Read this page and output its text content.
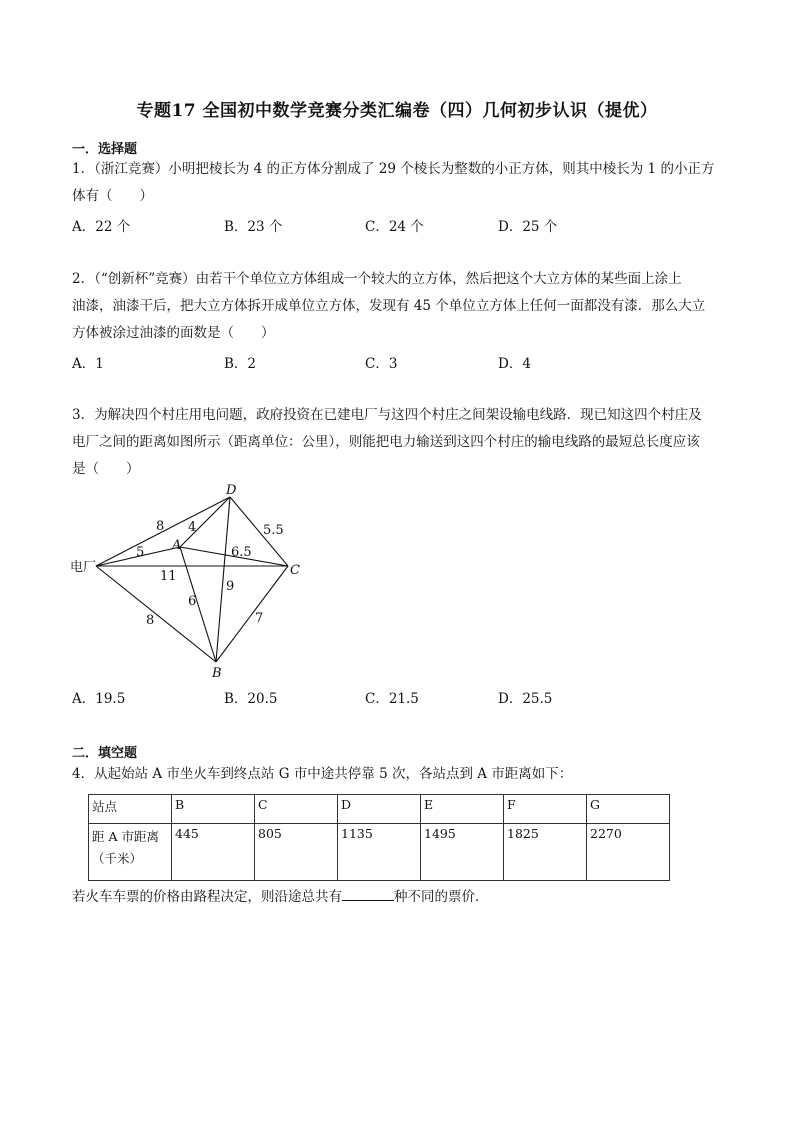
专题17 全国初中数学竞赛分类汇编卷（四）几何初步认识（提优）
一．选择题
1．（浙江竞赛）小明把棱长为 4 的正方体分割成了 29 个棱长为整数的小正方体，则其中棱长为 1 的小正方
体有（　　）
A．22 个	B．23 个	C．24 个	D．25 个
2．（“创新杯”竞赛）由若干个单位立方体组成一个较大的立方体，然后把这个大立方体的某些面上涂上
油漆，油漆干后，把大立方体拆开成单位立方体，发现有 45 个单位立方体上任何一面都没有漆．那么大立
方体被涂过油漆的面数是（　　）
A．1	B．2	C．3	D．4
3．为解决四个村庄用电问题，政府投资在已建电厂与这四个村庄之间架设输电线路．现已知这四个村庄及
电厂之间的距离如图所示（距离单位：公里），则能把电力输送到这四个村庄的输电线路的最短总长度应该
是（　　）
电厂
A
B
C
D
8 4	5.5
5	6.5
11
6
9
8	7
A．19.5	B．20.5	C．21.5	D．25.5
二．填空题
4．从起始站 A 市坐火车到终点站 G 市中途共停靠 5 次，各站点到 A 市距离如下：
站点	B	C	D	E	F	G

距 A 市距离
（千米）	445	805	1135	1495	1825	2270
若火车车票的价格由路程决定，则沿途总共有	种不同的票价．
